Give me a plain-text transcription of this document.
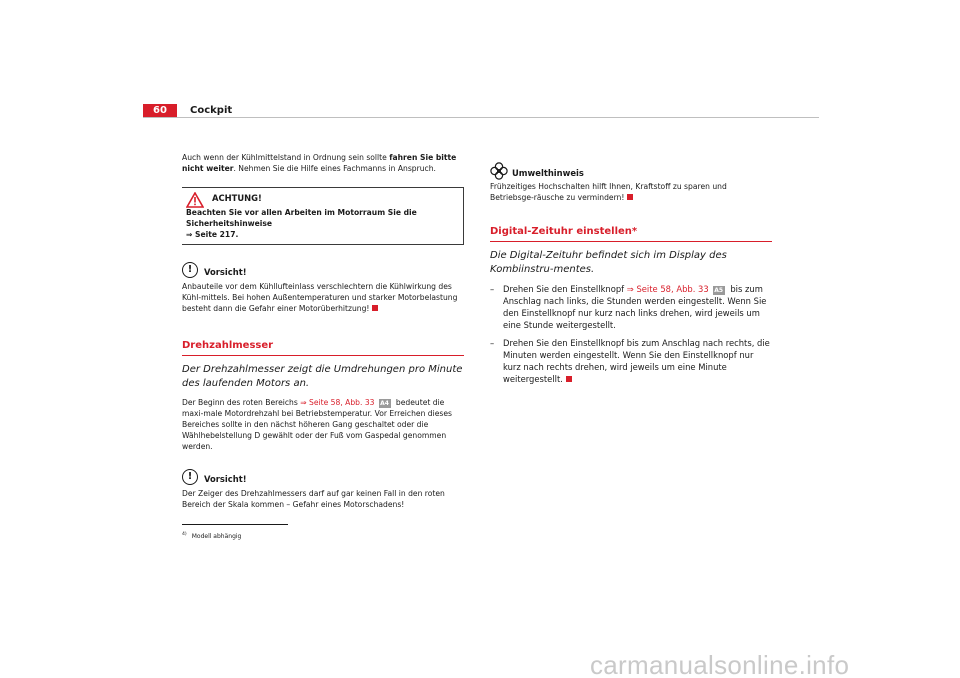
60	Cockpit

Auch wenn der Kühlmittelstand in Ordnung sein sollte fahren Sie bitte nicht weiter. Nehmen Sie die Hilfe eines Fachmanns in Anspruch.

ACHTUNG!

Beachten Sie vor allen Arbeiten im Motorraum Sie die Sicherheitshinweise
⇒ Seite 217.

!	Vorsicht!

Anbauteile vor dem Kühllufteinlass verschlechtern die Kühlwirkung des Kühl-mittels. Bei hohen Außentemperaturen und starker Motorbelastung besteht dann die Gefahr einer Motorüberhitzung!

Drehzahlmesser
Der Drehzahlmesser zeigt die Umdrehungen pro Minute des laufenden Motors an.

Der Beginn des roten Bereichs ⇒ Seite 58, Abb. 33 A4 bedeutet die maxi-male Motordrehzahl bei Betriebstemperatur. Vor Erreichen dieses Bereiches sollte in den nächst höheren Gang geschaltet oder die Wählhebelstellung D gewählt oder der Fuß vom Gaspedal genommen werden.

!	Vorsicht!

Der Zeiger des Drehzahlmessers darf auf gar keinen Fall in den roten Bereich der Skala kommen – Gefahr eines Motorschadens!

Umwelthinweis

Frühzeitiges Hochschalten hilft Ihnen, Kraftstoff zu sparen und Betriebsge-räusche zu vermindern!

Digital-Zeituhr einstellen*
Die Digital-Zeituhr befindet sich im Display des Kombiinstru-mentes.
– Drehen Sie den Einstellknopf ⇒ Seite 58, Abb. 33 A5 bis zum Anschlag nach links, die Stunden werden eingestellt. Wenn Sie den Einstellknopf nur kurz nach links drehen, wird jeweils um eine Stunde weitergestellt.
– Drehen Sie den Einstellknopf bis zum Anschlag nach rechts, die Minuten werden eingestellt. Wenn Sie den Einstellknopf nur kurz nach rechts drehen, wird jeweils um eine Minute weitergestellt.
$^{4)}$ Modell abhängig
carmanualsonline.info
